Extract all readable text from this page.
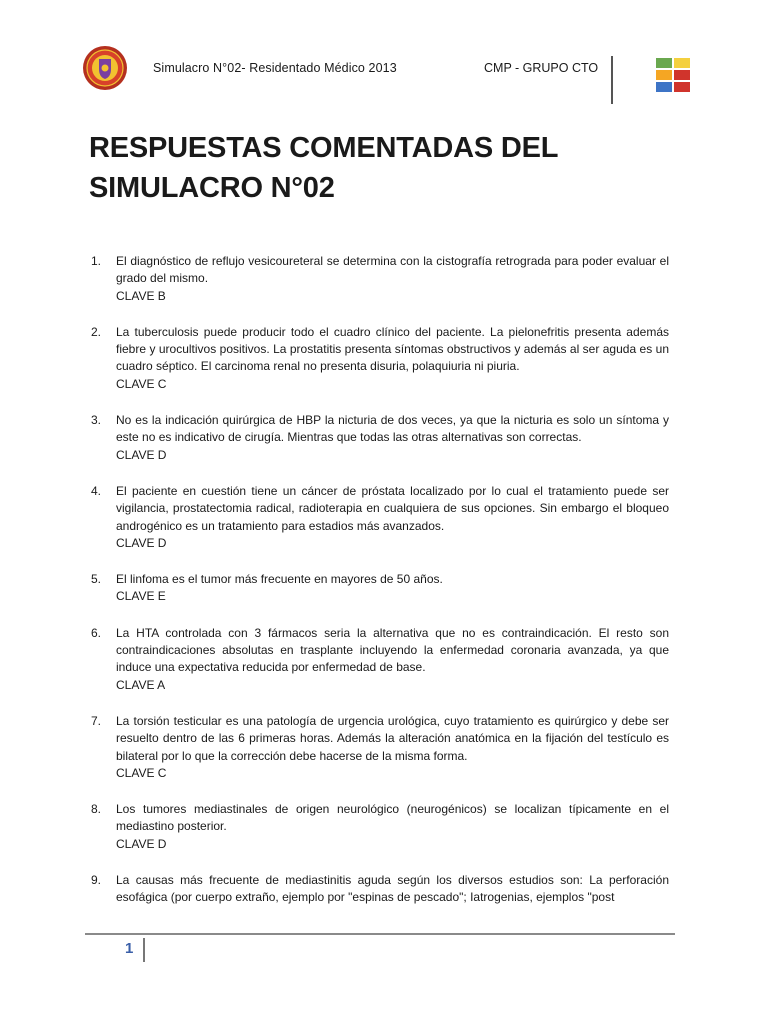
Simulacro N°02- Residentado Médico 2013	CMP - GRUPO CTO
RESPUESTAS COMENTADAS DEL
SIMULACRO N°02
1. El diagnóstico de reflujo vesicoureteral se determina con la cistografía retrograda para poder evaluar el grado del mismo.
CLAVE B
2. La tuberculosis puede producir todo el cuadro clínico del paciente. La pielonefritis presenta además fiebre y urocultivos positivos. La prostatitis presenta síntomas obstructivos y además al ser aguda es un cuadro séptico. El carcinoma renal no presenta disuria, polaquiuria ni piuria.
CLAVE C
3. No es la indicación quirúrgica de HBP la nicturia de dos veces, ya que la nicturia es solo un síntoma y este no es indicativo de cirugía. Mientras que todas las otras alternativas son correctas.
CLAVE D
4. El paciente en cuestión tiene un cáncer de próstata localizado por lo cual el tratamiento puede ser vigilancia, prostatectomia radical, radioterapia en cualquiera de sus opciones. Sin embargo el bloqueo androgénico es un tratamiento para estadios más avanzados.
CLAVE D
5. El linfoma es el tumor más frecuente en mayores de 50 años.
CLAVE E
6. La HTA controlada con 3 fármacos seria la alternativa que no es contraindicación. El resto son contraindicaciones absolutas en trasplante incluyendo la enfermedad coronaria avanzada, ya que induce una expectativa reducida por enfermedad de base.
CLAVE A
7. La torsión testicular es una patología de urgencia urológica, cuyo tratamiento es quirúrgico y debe ser resuelto dentro de las 6 primeras horas. Además la alteración anatómica en la fijación del testículo es bilateral por lo que la corrección debe hacerse de la misma forma.
CLAVE C
8. Los tumores mediastinales de origen neurológico (neurogénicos) se localizan típicamente en el mediastino posterior.
CLAVE D
9. La causas más frecuente de mediastinitis aguda según los diversos estudios son: La perforación esofágica (por cuerpo extraño, ejemplo por "espinas de pescado"; Iatrogenias, ejemplos "post
1
